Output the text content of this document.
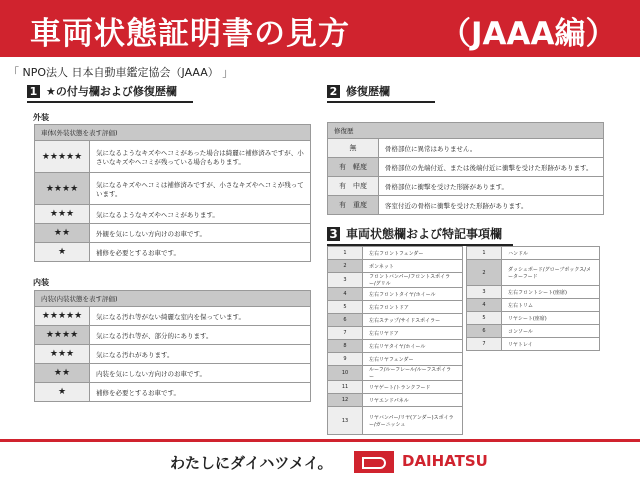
車両状態証明書の見方	（JAAA編）
「 NPO法人 日本自動車鑑定協会（JAAA） 」
1 ★の付与欄および修復歴欄	2 修復歴欄
3 車両状態欄および特記事項欄
外装
車体(外装状態を表す評価)	
★★★★★	気になるようなキズやヘコミがあった場合は綺麗に補修済みですが、小さいなキズやヘコミが残っている場合もあります。
★★★★	気になるキズやヘコミは補修済みですが、小さなキズやヘコミが残っています。
★★★	気になるようなキズやヘコミがあります。
★★	外観を気にしない方向けのお車です。
★	補修を必要とするお車です。
内装
内装(内装状態を表す評価)	
★★★★★	気になる汚れ等がない綺麗な室内を保っています。
★★★★	気になる汚れ等が、部分的にあります。
★★★	気になる汚れがあります。
★★	内装を気にしない方向けのお車です。
★	補修を必要とするお車です。
修復歴	
無	骨格部位に異常はありません。
有　軽度	骨格部位の先端付近、または後端付近に衝撃を受けた形跡があります。
有　中度	骨格部位に衝撃を受けた形跡があります。
有　重度	客室付近の骨格に衝撃を受けた形跡があります。
1	左右フロントフェンダー
2	ボンネット
3	フロントバンパー/フロントスポイラー/グリル
4	左右フロントタイヤ/ホイール
5	左右フロントドア
6	左右ステップ/サイドスポイラー
7	左右リヤドア
8	左右リヤタイヤ/ホイール
9	左右リヤフェンダー
10	ルーフ/ルーフレール/ルーフスポイラー
11	リヤゲート/トランクフード
12	リヤエンドパネル
13	リヤバンパー/リヤ(アンダー)スポイラー/ガーニッシュ
1	ハンドル
2	ダッシュボード/グローブボックス/メーターフード
3	左右フロントシート(座席)
4	左右トリム
5	リヤシート(座席)
6	コンソール
7	リヤトレイ
わたしにダイハツメイ。	DAIHATSU
